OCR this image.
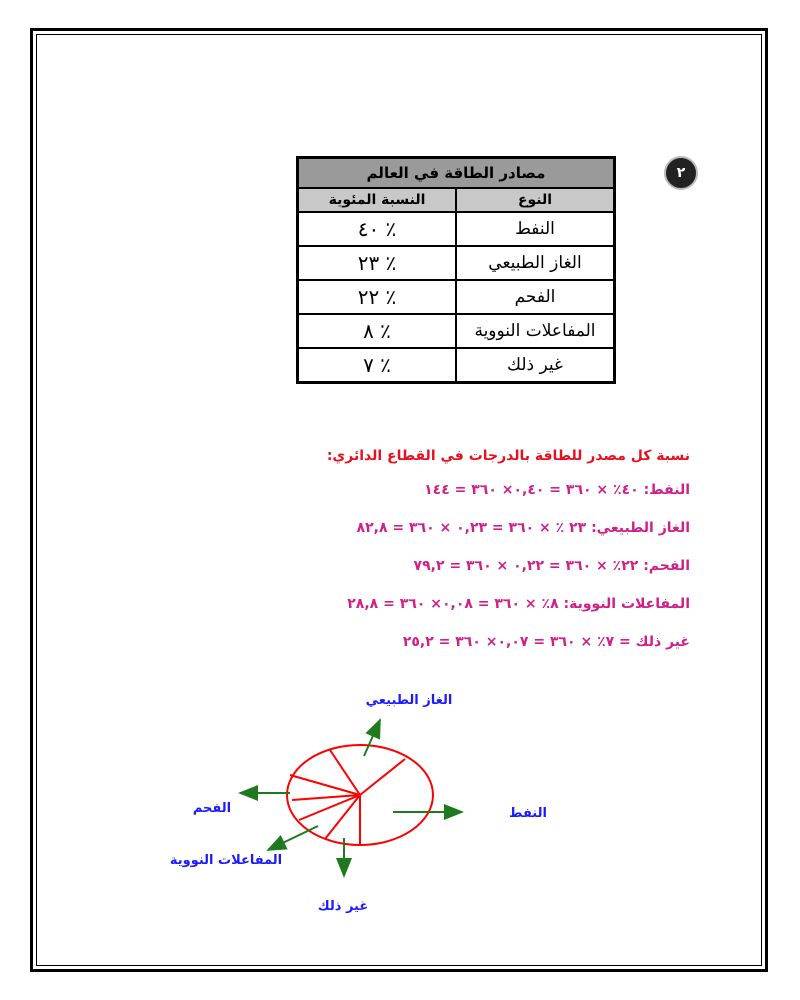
٢
مصادر الطاقة في العالم	
النوع	النسبة المئوية
النفط	٪ ٤٠
الغاز الطبيعي	٪ ٢٣
الفحم	٪ ٢٢
المفاعلات النووية	٪ ٨
غير ذلك	٪ ٧
نسبة كل مصدر للطاقة بالدرجات في القطاع الدائري:
النفط: ٤٠٪ × ٣٦٠ = ٠,٤٠× ٣٦٠ = ١٤٤
الغاز الطبيعي: ٢٣ ٪ × ٣٦٠ = ٠,٢٣ × ٣٦٠ = ٨٢,٨
الفحم: ٢٢٪ × ٣٦٠ = ٠,٢٢ × ٣٦٠ = ٧٩,٢
المفاعلات النووية: ٨٪ × ٣٦٠ = ٠,٠٨× ٣٦٠ = ٢٨,٨
غير ذلك = ٧٪ × ٣٦٠ = ٠,٠٧× ٣٦٠ = ٢٥,٢
الغاز الطبيعي
النفط
الفحم
المفاعلات النووية
غير ذلك
